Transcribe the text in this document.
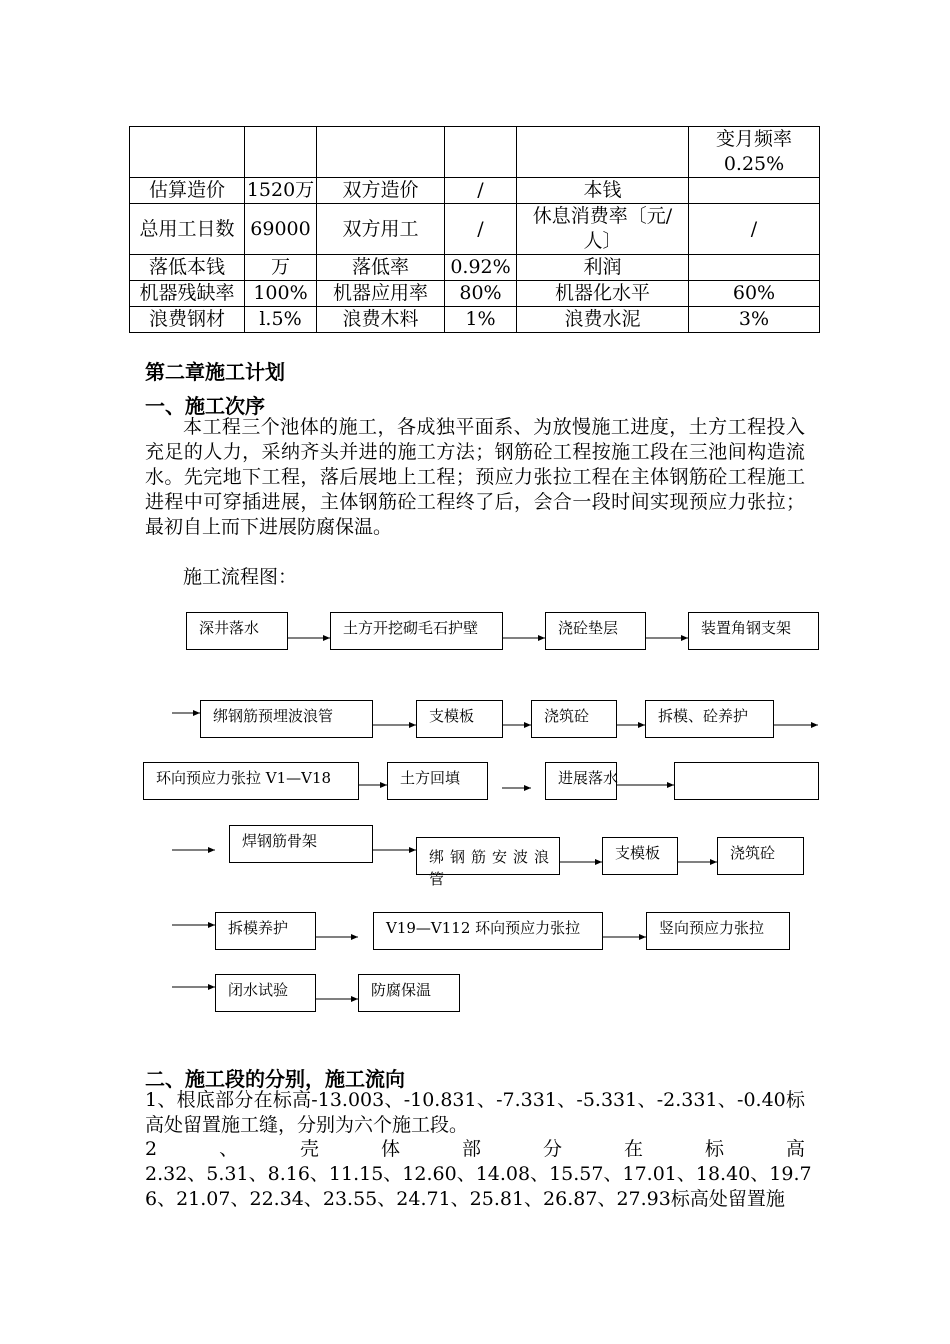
					变月频率0.25%
估算造价	1520万	双方造价	/	本钱	
总用工日数	69000	双方用工	/	休息消费率〔元/人〕	/
落低本钱	万	落低率	0.92%	利润	
机器残缺率	100%	机器应用率	80%	机器化水平	60%
浪费钢材	l.5%	浪费木料	1%	浪费水泥	3%
第二章施工计划
一、施工次序

本工程三个池体的施工，各成独平面系、为放慢施工进度，土方工程投入充足的人力，采纳齐头并进的施工方法；钢筋砼工程按施工段在三池间构造流水。先完地下工程，落后展地上工程；预应力张拉工程在主体钢筋砼工程施工进程中可穿插进展，主体钢筋砼工程终了后，会合一段时间实现预应力张拉；最初自上而下进展防腐保温。

施工流程图：
深井落水	土方开挖砌毛石护壁	浇砼垫层	装置角钢支架
绑钢筋预埋波浪管	支模板	浇筑砼	拆模、砼养护
环向预应力张拉 V1—V18	土方回填	进展落水
焊钢筋骨架
绑钢筋安波浪管
支模板	浇筑砼
拆模养护	V19—V112 环向预应力张拉	竖向预应力张拉
闭水试验	防腐保温
二、施工段的分别，施工流向
1、根底部分在标高-13.003、-10.831、-7.331、-5.331、-2.331、-0.40标高处留置施工缝，分别为六个施工段。
2	、	壳	体	部	分	在	标	高
2.32、5.31、8.16、11.15、12.60、14.08、15.57、17.01、18.40、19.7
6、21.07、22.34、23.55、24.71、25.81、26.87、27.93标高处留置施
